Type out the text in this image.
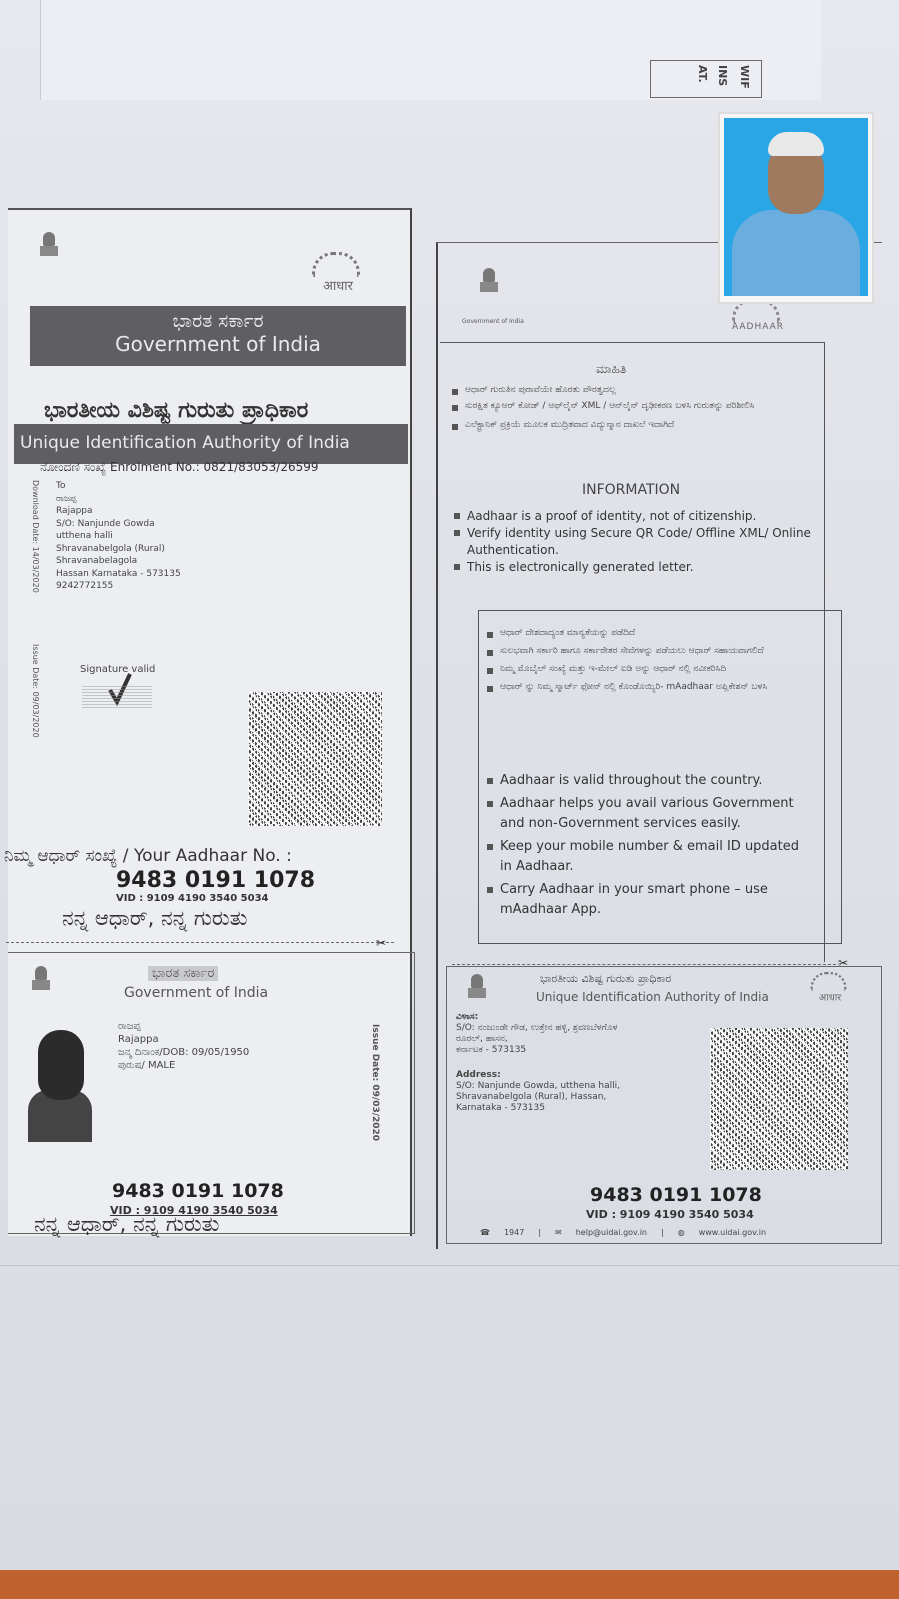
WIF
INS
AT.
आधार
ಭಾರತ ಸರ್ಕಾರ
Government of India
ಭಾರತೀಯ ವಿಶಿಷ್ಟ ಗುರುತು ಪ್ರಾಧಿಕಾರ
Unique Identification Authority of India
ನೋಂದಣಿ ಸಂಖ್ಯೆ Enrolment No.: 0821/83053/26599
Download Date: 14/03/2020
Issue Date: 09/03/2020
To
ರಾಜಪ್ಪ
Rajappa
S/O: Nanjunde Gowda
utthena halli
Shravanabelgola (Rural)
Shravanabelagola
Hassan Karnataka - 573135
9242772155
Signature valid
ನಿಮ್ಮ ಆಧಾರ್ ಸಂಖ್ಯೆ / Your Aadhaar No. :
9483 0191 1078
VID : 9109 4190 3540 5034
ನನ್ನ ಆಧಾರ್, ನನ್ನ ಗುರುತು
✂
ಭಾರತ ಸರ್ಕಾರ
Government of India
ರಾಜಪ್ಪ
Rajappa
ಜನ್ಮ ದಿನಾಂಕ/DOB: 09/05/1950
ಪುರುಷ/ MALE	Issue Date: 09/03/2020
9483 0191 1078
VID : 9109 4190 3540 5034
ನನ್ನ ಆಧಾರ್, ನನ್ನ ಗುರುತು
Government of India
AADHAAR
ಮಾಹಿತಿ
ಆಧಾರ್ ಗುರುತಿನ ಪುರಾವೆಯೇ ಹೊರತು ಪೌರತ್ವದಲ್ಲ
ಸುರಕ್ಷಿತ ಕ್ಯೂಆರ್ ಕೋಡ್ / ಆಫ್‌ಲೈನ್ XML / ಆನ್‌ಲೈನ್ ದೃಢೀಕರಣ ಬಳಸಿ ಗುರುತನ್ನು ಪರಿಶೀಲಿಸಿ
ಎಲೆಕ್ಟ್ರಾನಿಕ್ ಪ್ರಕ್ರಿಯೆ ಮೂಲಕ ಮುದ್ರಿತವಾದ ವಿದ್ಯುನ್ಮಾನ ದಾಖಲೆ ಇದಾಗಿದೆ
INFORMATION
Aadhaar is a proof of identity, not of citizenship.
Verify identity using Secure QR Code/ Offline XML/ Online Authentication.
This is electronically generated letter.
ಆಧಾರ್ ದೇಶದಾದ್ಯಂತ ಮಾನ್ಯತೆಯನ್ನು ಪಡೆದಿದೆ
ಸುಲಭವಾಗಿ ಸರ್ಕಾರಿ ಹಾಗೂ ಸರ್ಕಾರೇತರ ಸೇವೆಗಳನ್ನು ಪಡೆಯಲು ಆಧಾರ್ ಸಹಾಯವಾಗಲಿದೆ
ನಿಮ್ಮ ಮೊಬೈಲ್ ಸಂಖ್ಯೆ ಮತ್ತು ಇ-ಮೇಲ್ ಐಡಿ ಅನ್ನು ಆಧಾರ್ ನಲ್ಲಿ ನವೀಕರಿಸಿದಿ
ಆಧಾರ್ ನ್ನು ನಿಮ್ಮ ಸ್ಮಾರ್ಟ್ ಫೋನ್ ನಲ್ಲಿ ಕೊಂಡೊಯ್ಯಿರಿ- mAadhaar ಅಪ್ಲಿಕೇಶನ್ ಬಳಸಿ
Aadhaar is valid throughout the country.
Aadhaar helps you avail various Government and non-Government services easily.
Keep your mobile number & email ID updated in Aadhaar.
Carry Aadhaar in your smart phone – use mAadhaar App.
✂
ಭಾರತೀಯ ವಿಶಿಷ್ಟ ಗುರುತು ಪ್ರಾಧಿಕಾರ
Unique Identification Authority of India	आधार
ವಿಳಾಸ:
S/O: ನಂಜುಂಡೇ ಗೌಡ, ಉತ್ತೇನ ಹಳ್ಳಿ, ಶ್ರವಣಬೆಳಗೊಳ
ರೂರಲ್, ಹಾಸನ,
ಕರ್ನಾಟಕ - 573135
Address:
S/O: Nanjunde Gowda, utthena halli,
Shravanabelgola (Rural), Hassan,
Karnataka - 573135
9483 0191 1078
VID : 9109 4190 3540 5034
☎ 1947 | ✉ help@uidai.gov.in | ◍ www.uidai.gov.in
